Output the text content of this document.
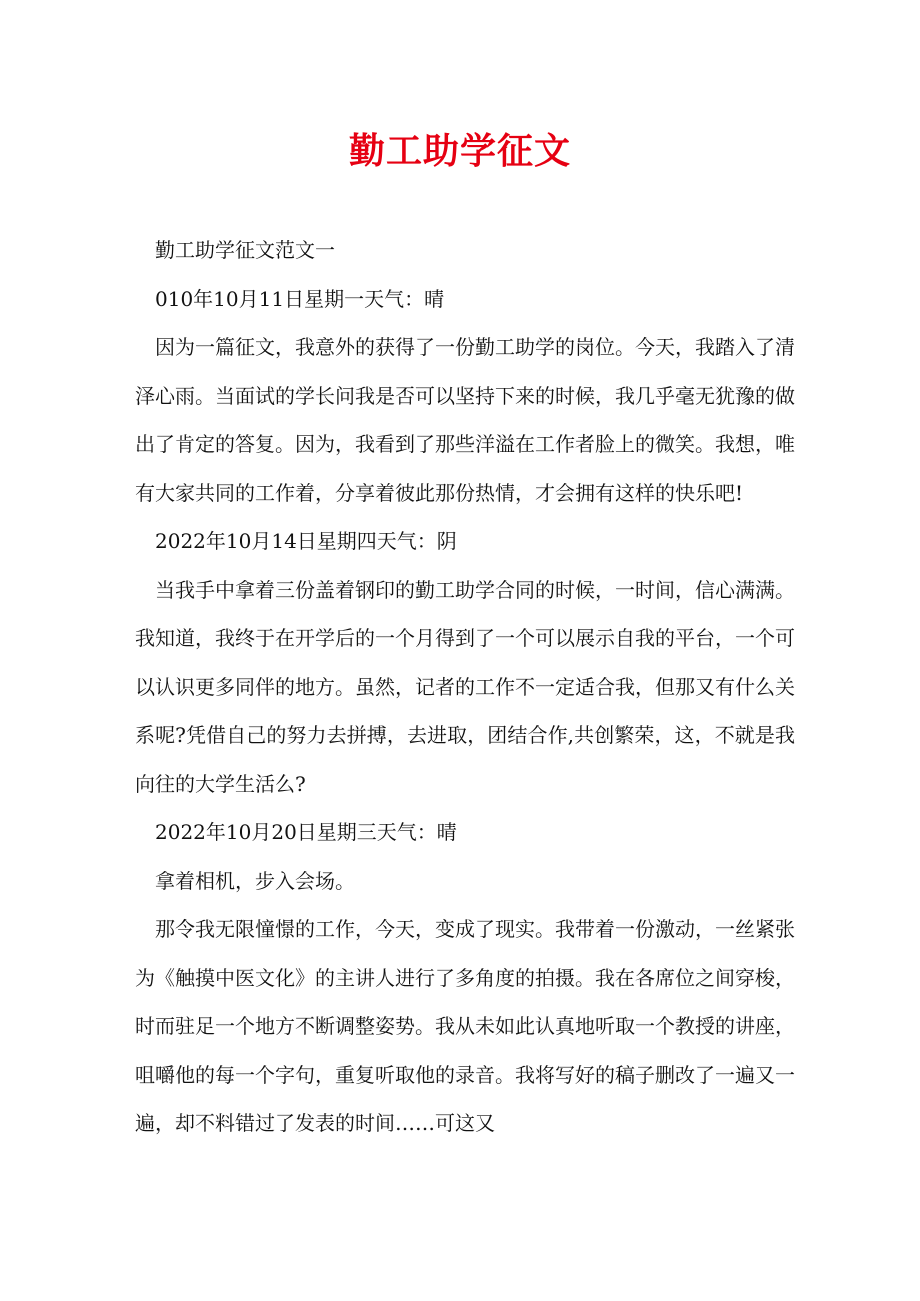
勤工助学征文

勤工助学征文范文一

010年10月11日星期一天气：晴

因为一篇征文，我意外的获得了一份勤工助学的岗位。今天，我踏入了清泽心雨。当面试的学长问我是否可以坚持下来的时候，我几乎毫无犹豫的做出了肯定的答复。因为，我看到了那些洋溢在工作者脸上的微笑。我想，唯有大家共同的工作着，分享着彼此那份热情，才会拥有这样的快乐吧!

2022年10月14日星期四天气：阴

当我手中拿着三份盖着钢印的勤工助学合同的时候，一时间，信心满满。我知道，我终于在开学后的一个月得到了一个可以展示自我的平台，一个可以认识更多同伴的地方。虽然，记者的工作不一定适合我，但那又有什么关系呢?凭借自己的努力去拼搏，去进取，团结合作,共创繁荣，这，不就是我向往的大学生活么?

2022年10月20日星期三天气：晴

拿着相机，步入会场。

那令我无限憧憬的工作，今天，变成了现实。我带着一份激动，一丝紧张为《触摸中医文化》的主讲人进行了多角度的拍摄。我在各席位之间穿梭，时而驻足一个地方不断调整姿势。我从未如此认真地听取一个教授的讲座，咀嚼他的每一个字句，重复听取他的录音。我将写好的稿子删改了一遍又一遍，却不料错过了发表的时间……可这又
